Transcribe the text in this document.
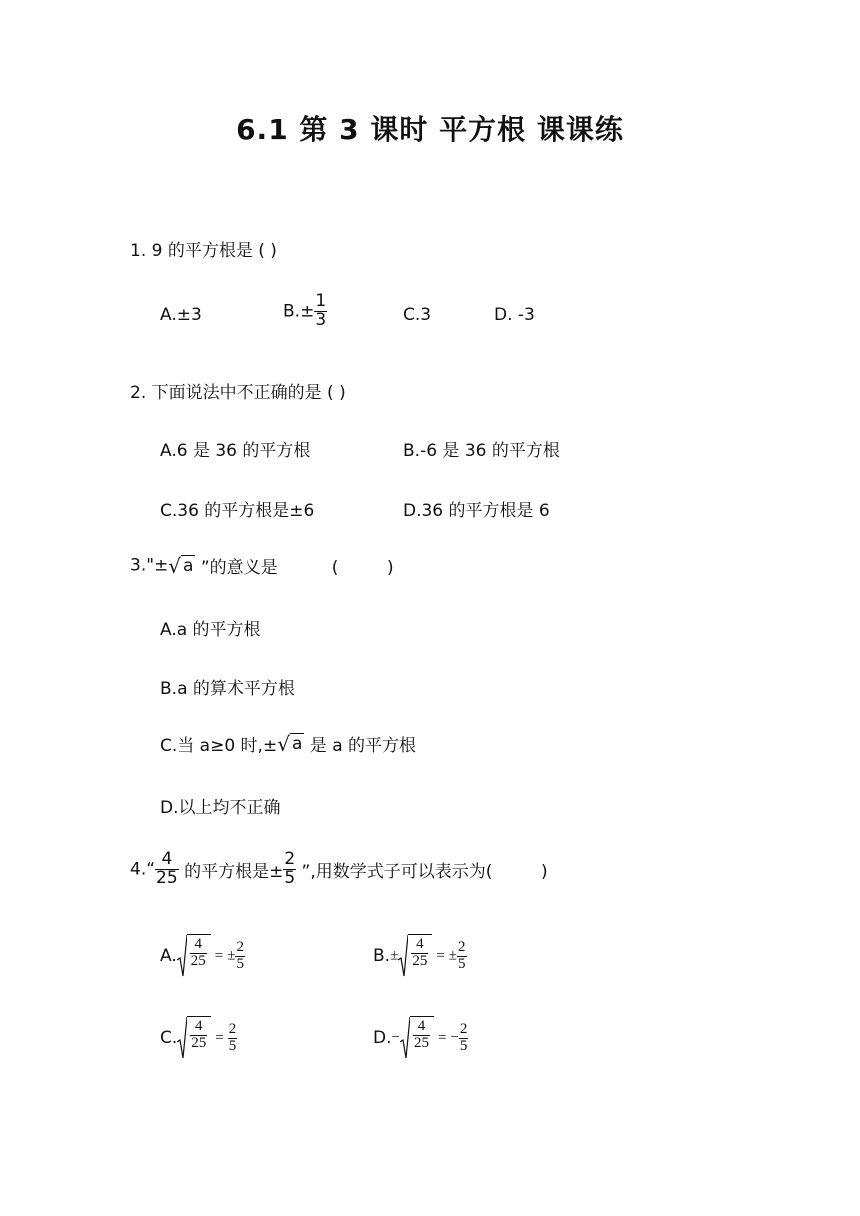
6.1 第 3 课时 平方根 课课练
1. 9 的平方根是 ( )
A.±3	$B.\pm \frac{1}{3}$	C.3	D. -3
2. 下面说法中不正确的是 ( )
A.6 是 36 的平方根	B.-6 是 36 的平方根
C.36 的平方根是±6	D.36 的平方根是 6
3."±√ a ”的意义是          (         )
A.a 的平方根
B.a 的算术平方根
C.当 a≥0 时,±√ a 是 a 的平方根
D.以上均不正确
4.“ $\frac{4}{25}$ 的平方根是± $\frac{2}{5}$ ”,用数学式子可以表示为(         )
A. $\frac{4}{25}$ = ± $\frac{2}{5}$	$B.\pm \frac{4}{25}$ = ± $\frac{2}{5}$
C. $\frac{4}{25} = \frac{2}{5}$	$D.- \frac{4}{25}$ = − $\frac{2}{5}$
